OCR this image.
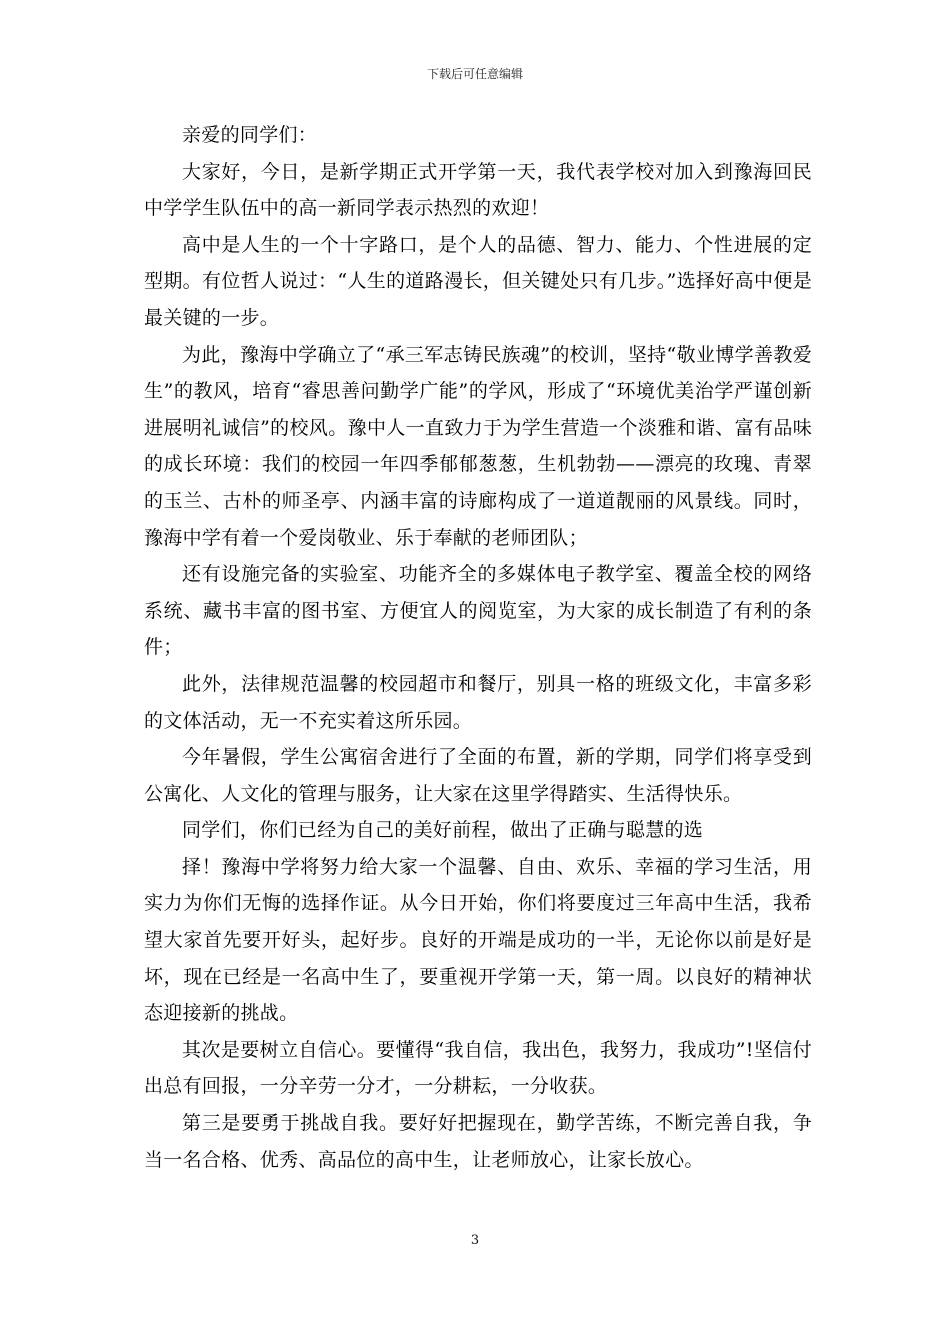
下载后可任意编辑

亲爱的同学们：

大家好，今日，是新学期正式开学第一天，我代表学校对加入到豫海回民中学学生队伍中的高一新同学表示热烈的欢迎！

高中是人生的一个十字路口，是个人的品德、智力、能力、个性进展的定型期。有位哲人说过：“人生的道路漫长，但关键处只有几步。”选择好高中便是最关键的一步。

为此，豫海中学确立了“承三军志铸民族魂”的校训，坚持“敬业博学善教爱生”的教风，培育“睿思善问勤学广能”的学风，形成了“环境优美治学严谨创新进展明礼诚信”的校风。豫中人一直致力于为学生营造一个淡雅和谐、富有品味的成长环境：我们的校园一年四季郁郁葱葱，生机勃勃——漂亮的玫瑰、青翠的玉兰、古朴的师圣亭、内涵丰富的诗廊构成了一道道靓丽的风景线。同时，豫海中学有着一个爱岗敬业、乐于奉献的老师团队；

还有设施完备的实验室、功能齐全的多媒体电子教学室、覆盖全校的网络系统、藏书丰富的图书室、方便宜人的阅览室，为大家的成长制造了有利的条件；

此外，法律规范温馨的校园超市和餐厅，别具一格的班级文化，丰富多彩的文体活动，无一不充实着这所乐园。

今年暑假，学生公寓宿舍进行了全面的布置，新的学期，同学们将享受到公寓化、人文化的管理与服务，让大家在这里学得踏实、生活得快乐。

同学们，你们已经为自己的美好前程，做出了正确与聪慧的选

择！豫海中学将努力给大家一个温馨、自由、欢乐、幸福的学习生活，用实力为你们无悔的选择作证。从今日开始，你们将要度过三年高中生活，我希望大家首先要开好头，起好步。良好的开端是成功的一半，无论你以前是好是坏，现在已经是一名高中生了，要重视开学第一天，第一周。以良好的精神状态迎接新的挑战。

其次是要树立自信心。要懂得“我自信，我出色，我努力，我成功”!坚信付出总有回报，一分辛劳一分才，一分耕耘，一分收获。

第三是要勇于挑战自我。要好好把握现在，勤学苦练，不断完善自我，争当一名合格、优秀、高品位的高中生，让老师放心，让家长放心。

3
